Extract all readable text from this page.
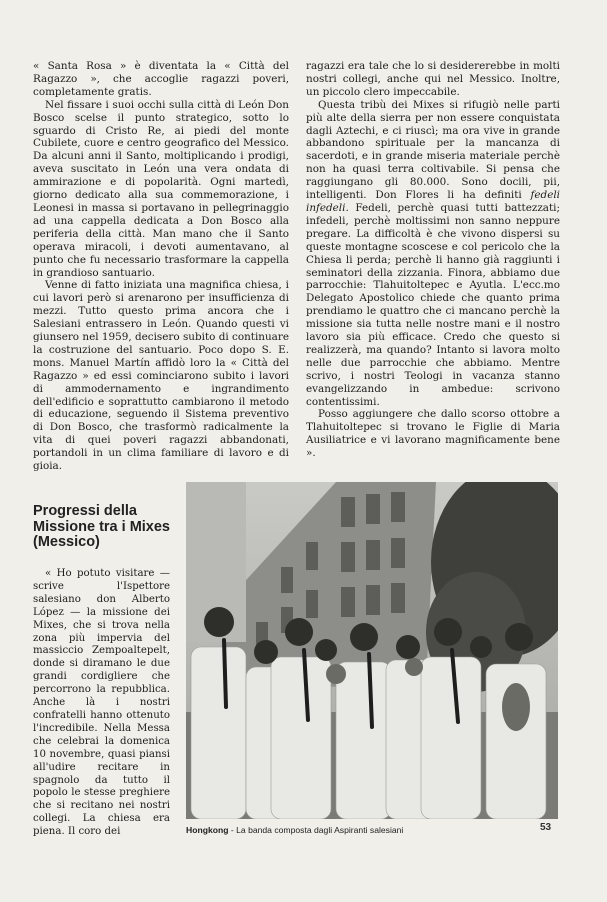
« Santa Rosa » è diventata la « Città del Ragazzo », che accoglie ragazzi poveri, completamente gratis.

Nel fissare i suoi occhi sulla città di León Don Bosco scelse il punto strategico, sotto lo sguardo di Cristo Re, ai piedi del monte Cubilete, cuore e centro geografico del Messico. Da alcuni anni il Santo, moltiplicando i prodigi, aveva suscitato in León una vera ondata di ammirazione e di popolarità. Ogni martedì, giorno dedicato alla sua commemorazione, i Leonesi in massa si portavano in pellegrinaggio ad una cappella dedicata a Don Bosco alla periferia della città. Man mano che il Santo operava miracoli, i devoti aumentavano, al punto che fu necessario trasformare la cappella in grandioso santuario.

Venne di fatto iniziata una magnifica chiesa, i cui lavori però si arenarono per insufficienza di mezzi. Tutto questo prima ancora che i Salesiani entrassero in León. Quando questi vi giunsero nel 1959, decisero subito di continuare la costruzione del santuario. Poco dopo S. E. mons. Manuel Martín affidò loro la « Città del Ragazzo » ed essi cominciarono subito i lavori di ammodernamento e ingrandimento dell'edificio e soprattutto cambiarono il metodo di educazione, seguendo il Sistema preventivo di Don Bosco, che trasformò radicalmente la vita di quei poveri ragazzi abbandonati, portandoli in un clima familiare di lavoro e di gioia.

ragazzi era tale che lo si desidererebbe in molti nostri collegi, anche qui nel Messico. Inoltre, un piccolo clero impeccabile.

Questa tribù dei Mixes si rifugiò nelle parti più alte della sierra per non essere conquistata dagli Aztechi, e ci riuscì; ma ora vive in grande abbandono spirituale per la mancanza di sacerdoti, e in grande miseria materiale perchè non ha quasi terra coltivabile. Si pensa che raggiungano gli 80.000. Sono docili, pii, intelligenti. Don Flores li ha definiti fedeli infedeli. Fedeli, perchè quasi tutti battezzati; infedeli, perchè moltissimi non sanno neppure pregare. La difficoltà è che vivono dispersi su queste montagne scoscese e col pericolo che la Chiesa li perda; perchè li hanno già raggiunti i seminatori della zizzania. Finora, abbiamo due parrocchie: Tlahuitoltepec e Ayutla. L'ecc.mo Delegato Apostolico chiede che quanto prima prendiamo le quattro che ci mancano perchè la missione sia tutta nelle nostre mani e il nostro lavoro sia più efficace. Credo che questo si realizzerà, ma quando? Intanto si lavora molto nelle due parrocchie che abbiamo. Mentre scrivo, i nostri Teologi in vacanza stanno evangelizzando in ambedue: scrivono contentissimi.

Posso aggiungere che dallo scorso ottobre a Tlahuitoltepec si trovano le Figlie di Maria Ausiliatrice e vi lavorano magnificamente bene ».

Progressi della Missione tra i Mixes (Messico)

« Ho potuto visitare — scrive l'Ispettore salesiano don Alberto López — la missione dei Mixes, che si trova nella zona più impervia del massiccio Zempoaltepelt, donde si diramano le due grandi cordigliere che percorrono la repubblica. Anche là i nostri confratelli hanno ottenuto l'incredibile. Nella Messa che celebrai la domenica 10 novembre, quasi piansi all'udire recitare in spagnolo da tutto il popolo le stesse preghiere che si recitano nei nostri collegi. La chiesa era piena. Il coro dei	Hongkong - La banda composta dagli Aspiranti salesiani	53
